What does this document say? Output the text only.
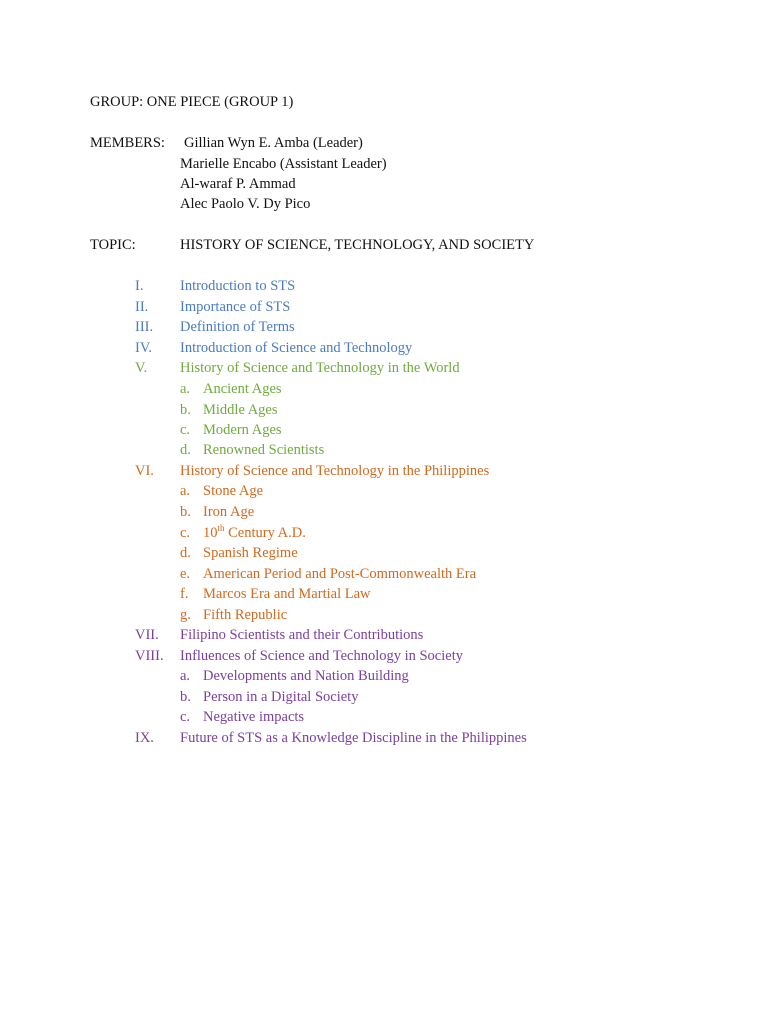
GROUP: ONE PIECE (GROUP 1)
MEMBERS: Gillian Wyn E. Amba (Leader)
Marielle Encabo (Assistant Leader)
Al-waraf P. Ammad
Alec Paolo V. Dy Pico
TOPIC:	HISTORY OF SCIENCE, TECHNOLOGY, AND SOCIETY
I.	Introduction to STS
II. Importance of STS
III. Definition of Terms
IV. Introduction of Science and Technology
V. History of Science and Technology in the World
a. Ancient Ages
b. Middle Ages
c. Modern Ages
d. Renowned Scientists
VI. History of Science and Technology in the Philippines
a. Stone Age
b. Iron Age
c. 10th Century A.D.
d. Spanish Regime
e. American Period and Post-Commonwealth Era
f. Marcos Era and Martial Law
g. Fifth Republic
VII. Filipino Scientists and their Contributions
VIII. Influences of Science and Technology in Society
a. Developments and Nation Building
b. Person in a Digital Society
c. Negative impacts
IX. Future of STS as a Knowledge Discipline in the Philippines
